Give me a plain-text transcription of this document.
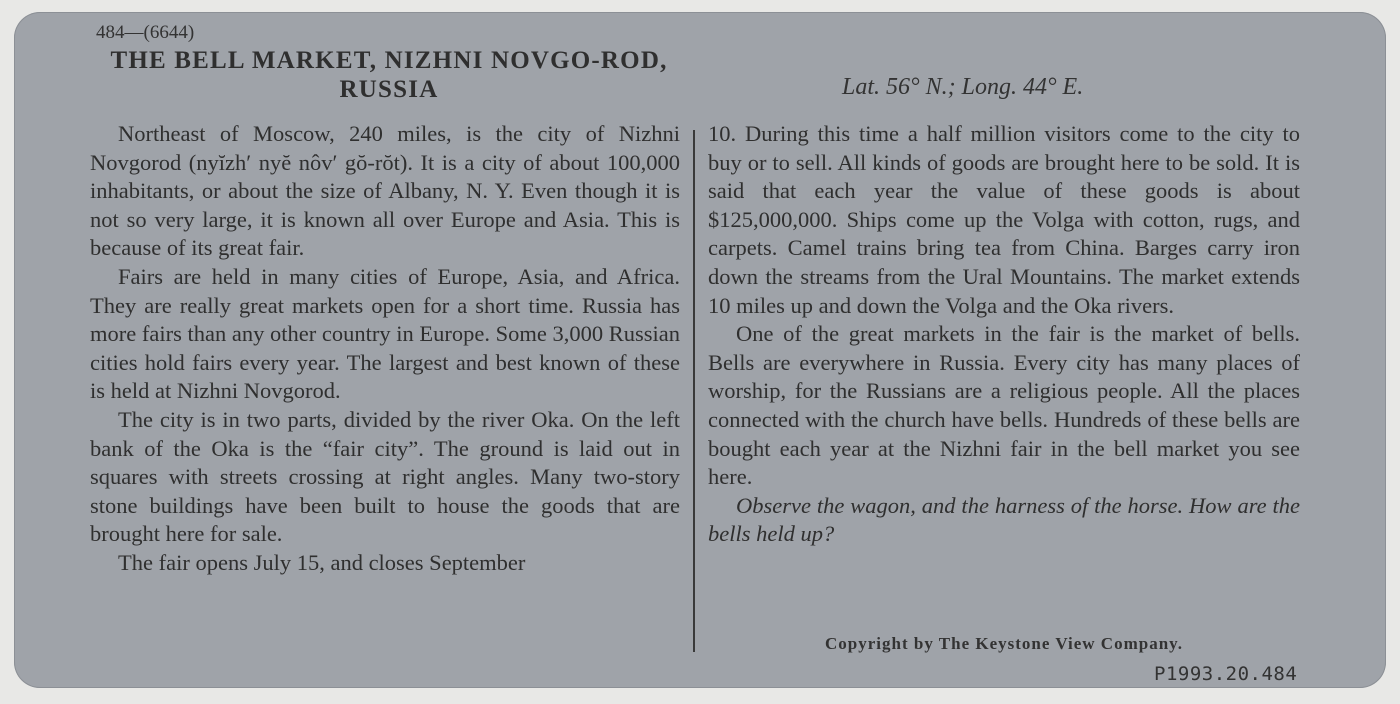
484—(6644)
THE BELL MARKET, NIZHNI NOVGO-ROD, RUSSIA	Lat. 56° N.; Long. 44° E.

Northeast of Moscow, 240 miles, is the city of Nizhni Novgorod (nyĭzh′ nyĕ nôv′ gŏ-rŏt). It is a city of about 100,000 inhabitants, or about the size of Albany, N. Y. Even though it is not so very large, it is known all over Europe and Asia. This is because of its great fair.

Fairs are held in many cities of Europe, Asia, and Africa. They are really great markets open for a short time. Russia has more fairs than any other country in Europe. Some 3,000 Russian cities hold fairs every year. The largest and best known of these is held at Nizhni Novgorod.

The city is in two parts, divided by the river Oka. On the left bank of the Oka is the “fair city”. The ground is laid out in squares with streets crossing at right angles. Many two-story stone buildings have been built to house the goods that are brought here for sale.

The fair opens July 15, and closes September

10. During this time a half million visitors come to the city to buy or to sell. All kinds of goods are brought here to be sold. It is said that each year the value of these goods is about $125,000,000. Ships come up the Volga with cotton, rugs, and carpets. Camel trains bring tea from China. Barges carry iron down the streams from the Ural Mountains. The market extends 10 miles up and down the Volga and the Oka rivers.

One of the great markets in the fair is the market of bells. Bells are everywhere in Russia. Every city has many places of worship, for the Russians are a religious people. All the places connected with the church have bells. Hundreds of these bells are bought each year at the Nizhni fair in the bell market you see here.

Observe the wagon, and the harness of the horse. How are the bells held up?

Copyright by The Keystone View Company.
P1993.20.484
